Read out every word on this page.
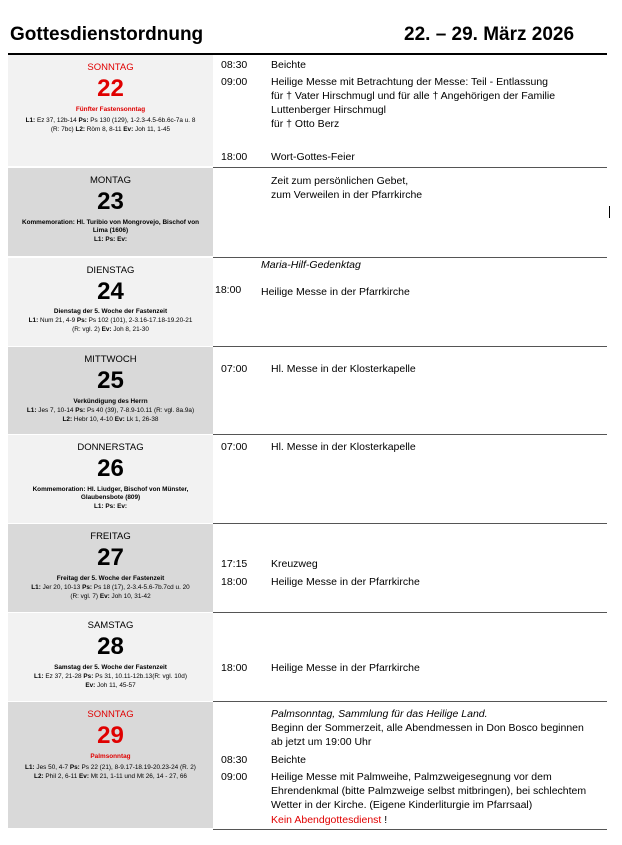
Gottesdienstordnung	22. – 29. März 2026
SONNTAG
22
Fünfter Fastensonntag
L1: Ez 37, 12b-14 Ps: Ps 130 (129), 1-2.3-4.5-6b.6c-7a u. 8
(R: 7bc) L2: Röm 8, 8-11 Ev: Joh 11, 1-45
08:30 Beichte
09:00 Heilige Messe mit Betrachtung der Messe: Teil - Entlassung
für † Vater Hirschmugl und für alle † Angehörigen der Familie
Luttenberger Hirschmugl
für † Otto Berz
18:00 Wort-Gottes-Feier
MONTAG
23
Kommemoration: Hl. Turibio von Mongrovejo, Bischof von Lima (1606)
L1: Ps: Ev:
Zeit zum persönlichen Gebet,
zum Verweilen in der Pfarrkirche
DIENSTAG
24
Dienstag der 5. Woche der Fastenzeit
L1: Num 21, 4-9 Ps: Ps 102 (101), 2-3.16-17.18-19.20-21
(R: vgl. 2) Ev: Joh 8, 21-30
Maria-Hilf-Gedenktag
18:00 Heilige Messe in der Pfarrkirche
MITTWOCH
25
Verkündigung des Herrn
L1: Jes 7, 10-14 Ps: Ps 40 (39), 7-8.9-10.11 (R: vgl. 8a.9a)
L2: Hebr 10, 4-10 Ev: Lk 1, 26-38
07:00 Hl. Messe in der Klosterkapelle
DONNERSTAG
26
Kommemoration: Hl. Liudger, Bischof von Münster, Glaubensbote (809)
L1: Ps: Ev:
07:00 Hl. Messe in der Klosterkapelle
FREITAG
27
Freitag der 5. Woche der Fastenzeit
L1: Jer 20, 10-13 Ps: Ps 18 (17), 2-3.4-5.6-7b.7cd u. 20
(R: vgl. 7) Ev: Joh 10, 31-42
17:15 Kreuzweg
18:00 Heilige Messe in der Pfarrkirche
SAMSTAG
28
Samstag der 5. Woche der Fastenzeit
L1: Ez 37, 21-28 Ps: Ps 31, 10.11-12b.13(R: vgl. 10d)
Ev: Joh 11, 45-57
18:00 Heilige Messe in der Pfarrkirche
SONNTAG
29
Palmsonntag
L1: Jes 50, 4-7 Ps: Ps 22 (21), 8-9.17-18.19-20.23-24 (R. 2)
L2: Phil 2, 6-11 Ev: Mt 21, 1-11 und Mt 26, 14 - 27, 66
Palmsonntag, Sammlung für das Heilige Land.
Beginn der Sommerzeit, alle Abendmessen in Don Bosco beginnen
ab jetzt um 19:00 Uhr
08:30 Beichte
09:00 Heilige Messe mit Palmweihe, Palmzweigesegnung vor dem
Ehrendenkmal (bitte Palmzweige selbst mitbringen), bei schlechtem
Wetter in der Kirche. (Eigene Kinderliturgie im Pfarrsaal)
Kein Abendgottesdienst !
